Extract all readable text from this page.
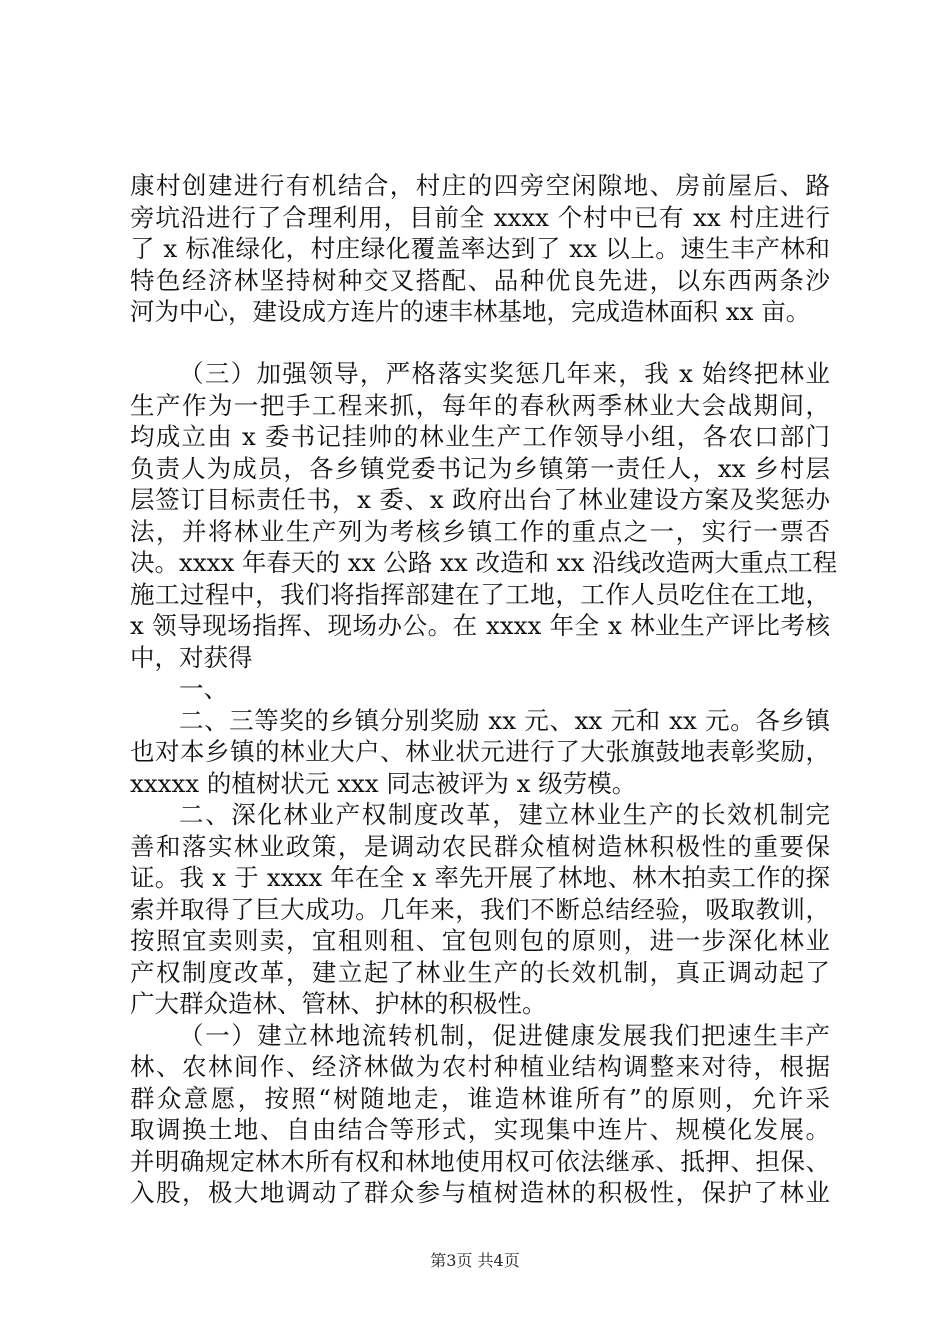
康村创建进行有机结合，村庄的四旁空闲隙地、房前屋后、路
旁坑沿进行了合理利用，目前全 xxxx 个村中已有 xx 村庄进行
了 x 标准绿化，村庄绿化覆盖率达到了 xx 以上。速生丰产林和
特色经济林坚持树种交叉搭配、品种优良先进，以东西两条沙
河为中心，建设成方连片的速丰林基地，完成造林面积 xx 亩。
（三）加强领导，严格落实奖惩几年来，我 x 始终把林业
生产作为一把手工程来抓，每年的春秋两季林业大会战期间，
均成立由 x 委书记挂帅的林业生产工作领导小组，各农口部门
负责人为成员，各乡镇党委书记为乡镇第一责任人，xx 乡村层
层签订目标责任书，x 委、x 政府出台了林业建设方案及奖惩办
法，并将林业生产列为考核乡镇工作的重点之一，实行一票否
决。xxxx 年春天的 xx 公路 xx 改造和 xx 沿线改造两大重点工程
施工过程中，我们将指挥部建在了工地，工作人员吃住在工地，
x 领导现场指挥、现场办公。在 xxxx 年全 x 林业生产评比考核
中，对获得
一、
二、三等奖的乡镇分别奖励 xx 元、xx 元和 xx 元。各乡镇
也对本乡镇的林业大户、林业状元进行了大张旗鼓地表彰奖励，
xxxxx 的植树状元 xxx 同志被评为 x 级劳模。
二、深化林业产权制度改革，建立林业生产的长效机制完
善和落实林业政策，是调动农民群众植树造林积极性的重要保
证。我 x 于 xxxx 年在全 x 率先开展了林地、林木拍卖工作的探
索并取得了巨大成功。几年来，我们不断总结经验，吸取教训，
按照宜卖则卖，宜租则租、宜包则包的原则，进一步深化林业
产权制度改革，建立起了林业生产的长效机制，真正调动起了
广大群众造林、管林、护林的积极性。
（一）建立林地流转机制，促进健康发展我们把速生丰产
林、农林间作、经济林做为农村种植业结构调整来对待，根据
群众意愿，按照“树随地走，谁造林谁所有”的原则，允许采
取调换土地、自由结合等形式，实现集中连片、规模化发展。
并明确规定林木所有权和林地使用权可依法继承、抵押、担保、
入股，极大地调动了群众参与植树造林的积极性，保护了林业
第3页 共4页
